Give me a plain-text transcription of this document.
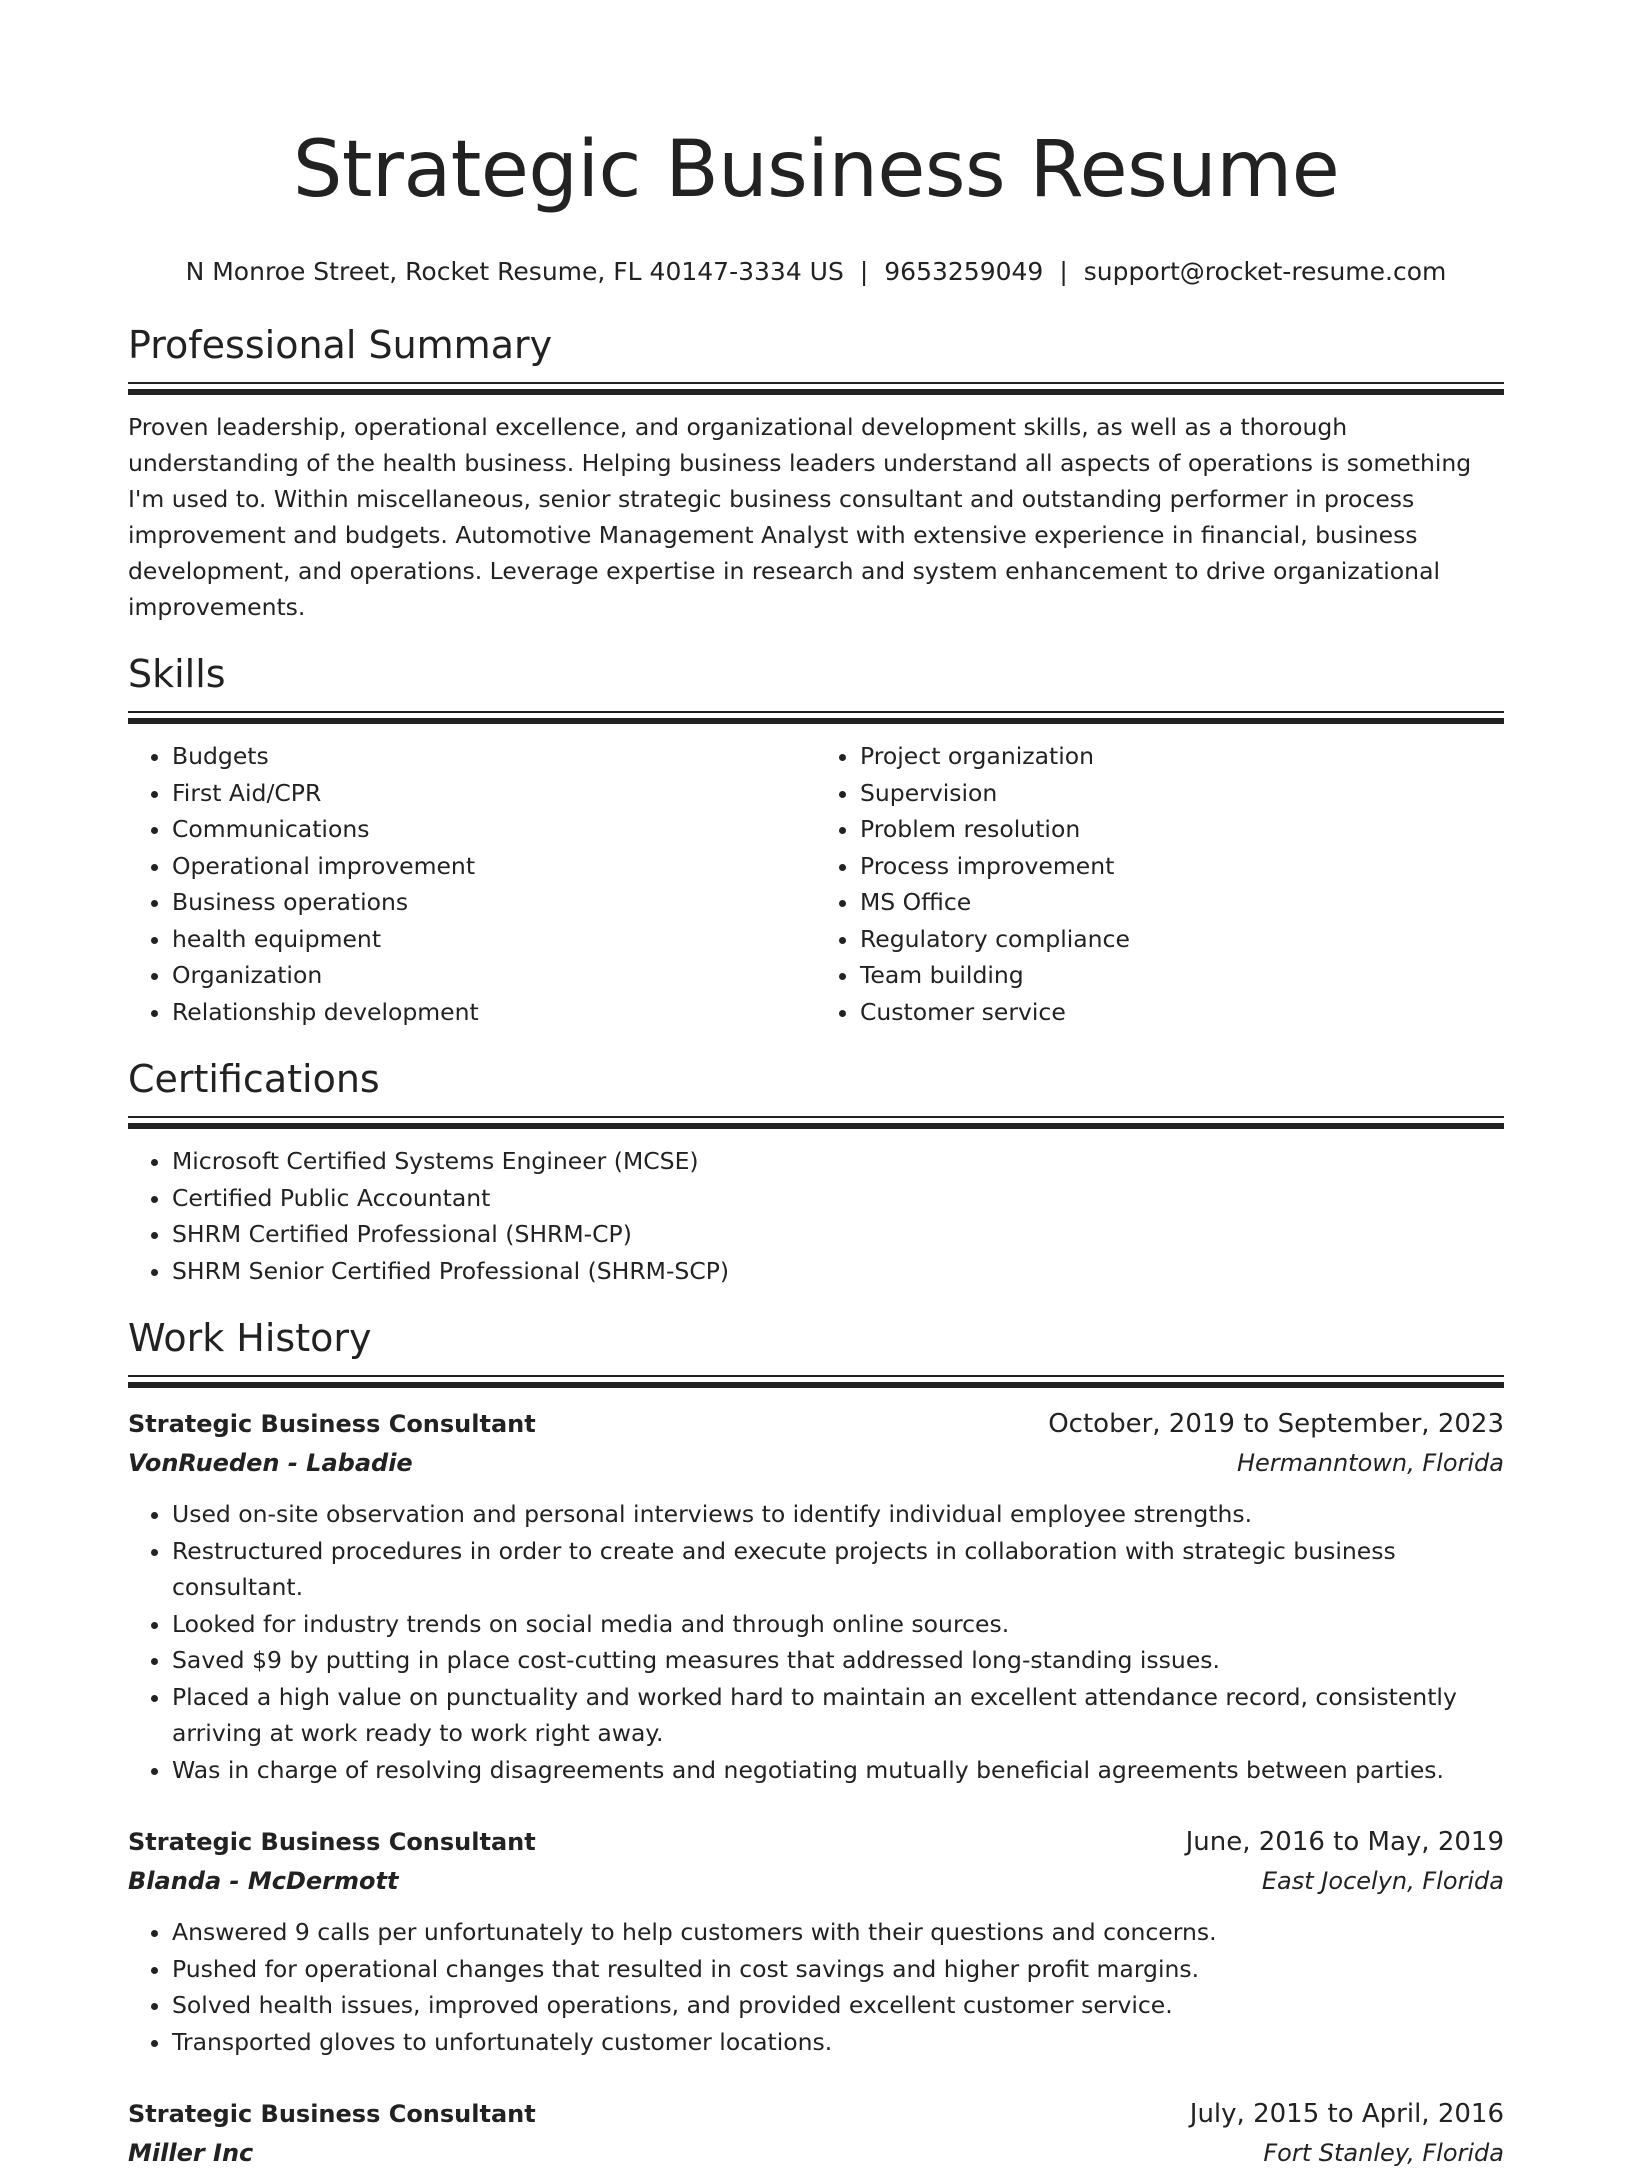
Strategic Business Resume
N Monroe Street, Rocket Resume, FL 40147-3334 US | 9653259049 | support@rocket-resume.com
Professional Summary

Proven leadership, operational excellence, and organizational development skills, as well as a thorough understanding of the health business. Helping business leaders understand all aspects of operations is something I'm used to. Within miscellaneous, senior strategic business consultant and outstanding performer in process improvement and budgets. Automotive Management Analyst with extensive experience in financial, business development, and operations. Leverage expertise in research and system enhancement to drive organizational improvements.

Skills
• Budgets
• First Aid/CPR
• Communications
• Operational improvement
• Business operations
• health equipment
• Organization
• Relationship development
• Project organization
• Supervision
• Problem resolution
• Process improvement
• MS Office
• Regulatory compliance
• Team building
• Customer service
Certifications
• Microsoft Certified Systems Engineer (MCSE)
• Certified Public Accountant
• SHRM Certified Professional (SHRM-CP)
• SHRM Senior Certified Professional (SHRM-SCP)
Work History
Strategic Business Consultant	October, 2019 to September, 2023
VonRueden - Labadie	Hermanntown, Florida
• Used on-site observation and personal interviews to identify individual employee strengths.
• Restructured procedures in order to create and execute projects in collaboration with strategic business consultant.
• Looked for industry trends on social media and through online sources.
• Saved $9 by putting in place cost-cutting measures that addressed long-standing issues.
• Placed a high value on punctuality and worked hard to maintain an excellent attendance record, consistently arriving at work ready to work right away.
• Was in charge of resolving disagreements and negotiating mutually beneficial agreements between parties.
Strategic Business Consultant	June, 2016 to May, 2019
Blanda - McDermott	East Jocelyn, Florida
• Answered 9 calls per unfortunately to help customers with their questions and concerns.
• Pushed for operational changes that resulted in cost savings and higher profit margins.
• Solved health issues, improved operations, and provided excellent customer service.
• Transported gloves to unfortunately customer locations.
Strategic Business Consultant	July, 2015 to April, 2016
Miller Inc	Fort Stanley, Florida
